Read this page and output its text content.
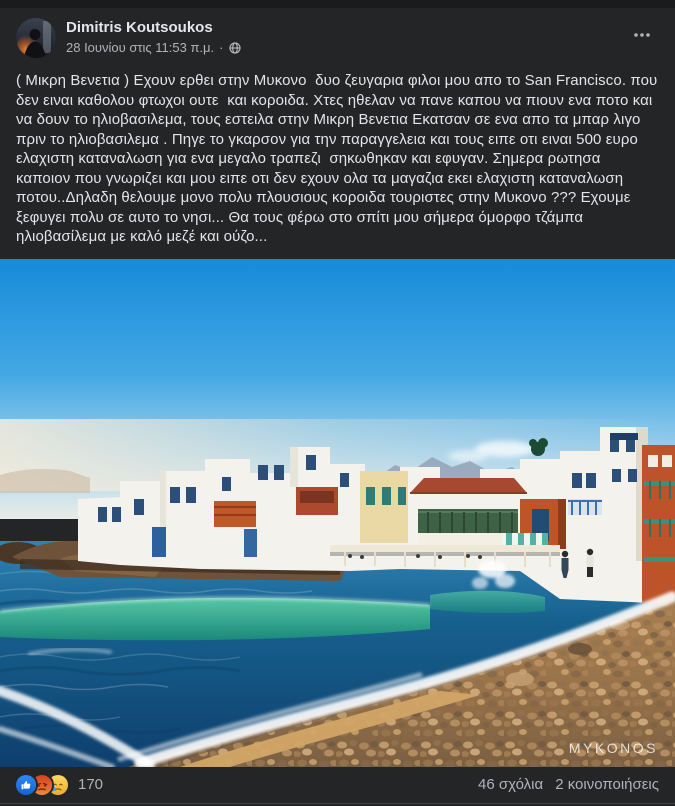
Dimitris Koutsoukos
28 Ιουνίου στις 11:53 π.μ. ·
( Μικρη Βενετια ) Εχουν ερθει στην Μυκονο  δυο ζευγαρια φιλοι μου απο το San Francisco. που δεν ειναι καθολου φτωχοι ουτε  και κοροιδα. Χτες ηθελαν να πανε καπου να πιουν ενα ποτο και να δουν το ηλιοβασιλεμα, τους εστειλα στην Μικρη Βενετια Εκατσαν σε ενα απο τα μπαρ λιγο πριν το ηλιοβασιλεμα . Πηγε το γκαρσον για την παραγγελεια και τους ειπε οτι ειναι 500 ευρο ελαχιστη καταναλωση για ενα μεγαλο τραπεζι  σηκωθηκαν και εφυγαν. Σημερα ρωτησα καποιον που γνωριζει και μου ειπε οτι δεν εχουν ολα τα μαγαζια εκει ελαχιστη καταναλωση ποτου..Δηλαδη θελουμε μονο πολυ πλουσιους κοροιδα τουριστες στην Μυκονο ??? Εχουμε ξεφυγει πολυ σε αυτο το νησι... Θα τους φέρω στο σπίτι μου σήμερα όμορφο τζάμπα ηλιοβασίλεμα με καλό μεζέ και ούζο...
MYKONOS
170	46 σχόλια 2 κοινοποιήσεις
